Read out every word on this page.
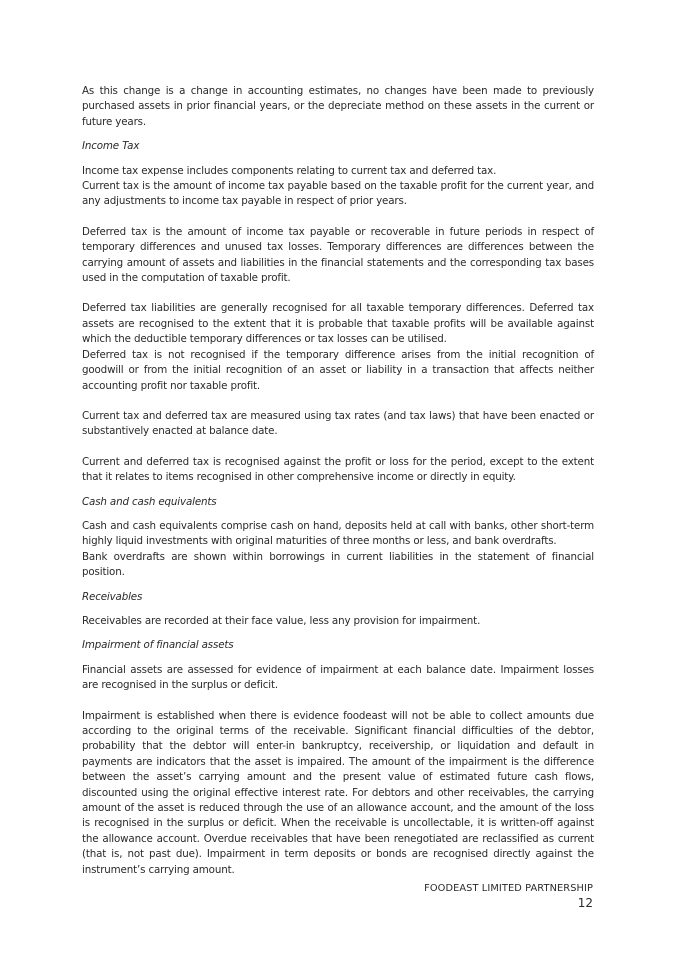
As this change is a change in accounting estimates, no changes have been made to previously purchased assets in prior financial years, or the depreciate method on these assets in the current or future years.

Income Tax

Income tax expense includes components relating to current tax and deferred tax.

Current tax is the amount of income tax payable based on the taxable profit for the current year, and any adjustments to income tax payable in respect of prior years.

Deferred tax is the amount of income tax payable or recoverable in future periods in respect of temporary differences and unused tax losses. Temporary differences are differences between the carrying amount of assets and liabilities in the financial statements and the corresponding tax bases used in the computation of taxable profit.

Deferred tax liabilities are generally recognised for all taxable temporary differences. Deferred tax assets are recognised to the extent that it is probable that taxable profits will be available against which the deductible temporary differences or tax losses can be utilised.

Deferred tax is not recognised if the temporary difference arises from the initial recognition of goodwill or from the initial recognition of an asset or liability in a transaction that affects neither accounting profit nor taxable profit.

Current tax and deferred tax are measured using tax rates (and tax laws) that have been enacted or substantively enacted at balance date.

Current and deferred tax is recognised against the profit or loss for the period, except to the extent that it relates to items recognised in other comprehensive income or directly in equity.

Cash and cash equivalents

Cash and cash equivalents comprise cash on hand, deposits held at call with banks, other short-term highly liquid investments with original maturities of three months or less, and bank overdrafts.

Bank overdrafts are shown within borrowings in current liabilities in the statement of financial position.

Receivables

Receivables are recorded at their face value, less any provision for impairment.

Impairment of financial assets

Financial assets are assessed for evidence of impairment at each balance date. Impairment losses are recognised in the surplus or deficit.

Impairment is established when there is evidence foodeast will not be able to collect amounts due according to the original terms of the receivable. Significant financial difficulties of the debtor, probability that the debtor will enter-in bankruptcy, receivership, or liquidation and default in payments are indicators that the asset is impaired. The amount of the impairment is the difference between the asset’s carrying amount and the present value of estimated future cash flows, discounted using the original effective interest rate. For debtors and other receivables, the carrying amount of the asset is reduced through the use of an allowance account, and the amount of the loss is recognised in the surplus or deficit. When the receivable is uncollectable, it is written-off against the allowance account. Overdue receivables that have been renegotiated are reclassified as current (that is, not past due). Impairment in term deposits or bonds are recognised directly against the instrument’s carrying amount.

FOODEAST LIMITED PARTNERSHIP
12
